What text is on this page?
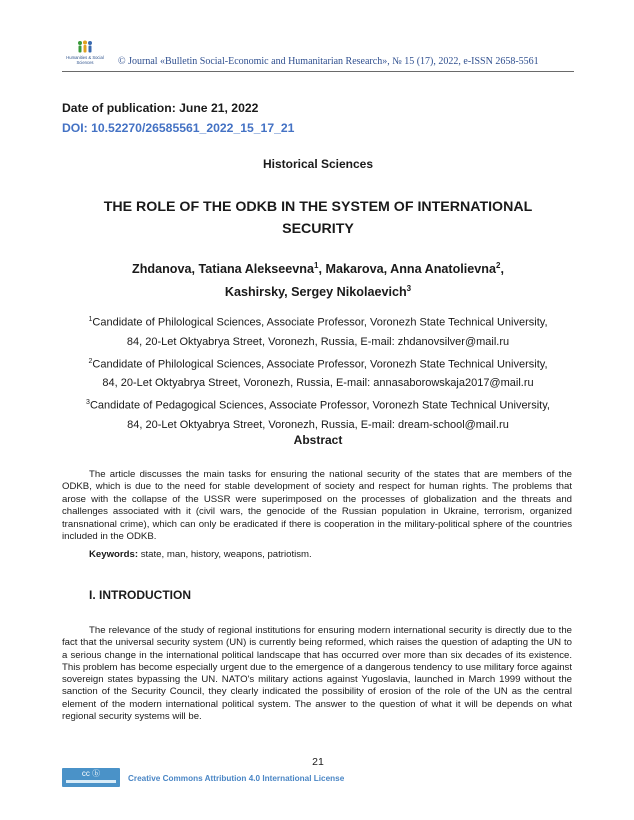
Humanities & Social
Sciences	© Journal «Bulletin Social-Economic and Humanitarian Research», № 15 (17), 2022, e-ISSN 2658-5561
Date of publication: June 21, 2022
DOI: 10.52270/26585561_2022_15_17_21
Historical Sciences
THE ROLE OF THE ODKB IN THE SYSTEM OF INTERNATIONAL
SECURITY
Zhdanova, Tatiana Alekseevna$^1$, Makarova, Anna Anatolievna$^2$,
Kashirsky, Sergey Nikolaevich$^3$
$^1$Candidate of Philological Sciences, Associate Professor, Voronezh State Technical University,
84, 20-Let Oktyabrya Street, Voronezh, Russia, E-mail: zhdanovsilver@mail.ru
$^2$Candidate of Philological Sciences, Associate Professor, Voronezh State Technical University,
84, 20-Let Oktyabrya Street, Voronezh, Russia, E-mail: annasaborowskaja2017@mail.ru
$^3$Candidate of Pedagogical Sciences, Associate Professor, Voronezh State Technical University,
84, 20-Let Oktyabrya Street, Voronezh, Russia, E-mail: dream-school@mail.ru
Abstract
The article discusses the main tasks for ensuring the national security of the states that are members of the ODKB, which is due to the need for stable development of society and respect for human rights. The problems that arose with the collapse of the USSR were superimposed on the processes of globalization and the threats and challenges associated with it (civil wars, the genocide of the Russian population in Ukraine, terrorism, organized transnational crime), which can only be eradicated if there is cooperation in the military-political sphere of the countries included in the ODKB.
Keywords: state, man, history, weapons, patriotism.
I. INTRODUCTION
The relevance of the study of regional institutions for ensuring modern international security is directly due to the fact that the universal security system (UN) is currently being reformed, which raises the question of adapting the UN to a serious change in the international political landscape that has occurred over more than six decades of its existence. This problem has become especially urgent due to the emergence of a dangerous tendency to use military force against sovereign states bypassing the UN. NATO's military actions against Yugoslavia, launched in March 1999 without the sanction of the Security Council, they clearly indicated the possibility of erosion of the role of the UN as the central element of the modern international political system. The answer to the question of what it will be depends on what regional security systems will be.
21
cc ⓑ
Creative Commons Attribution 4.0 International License
